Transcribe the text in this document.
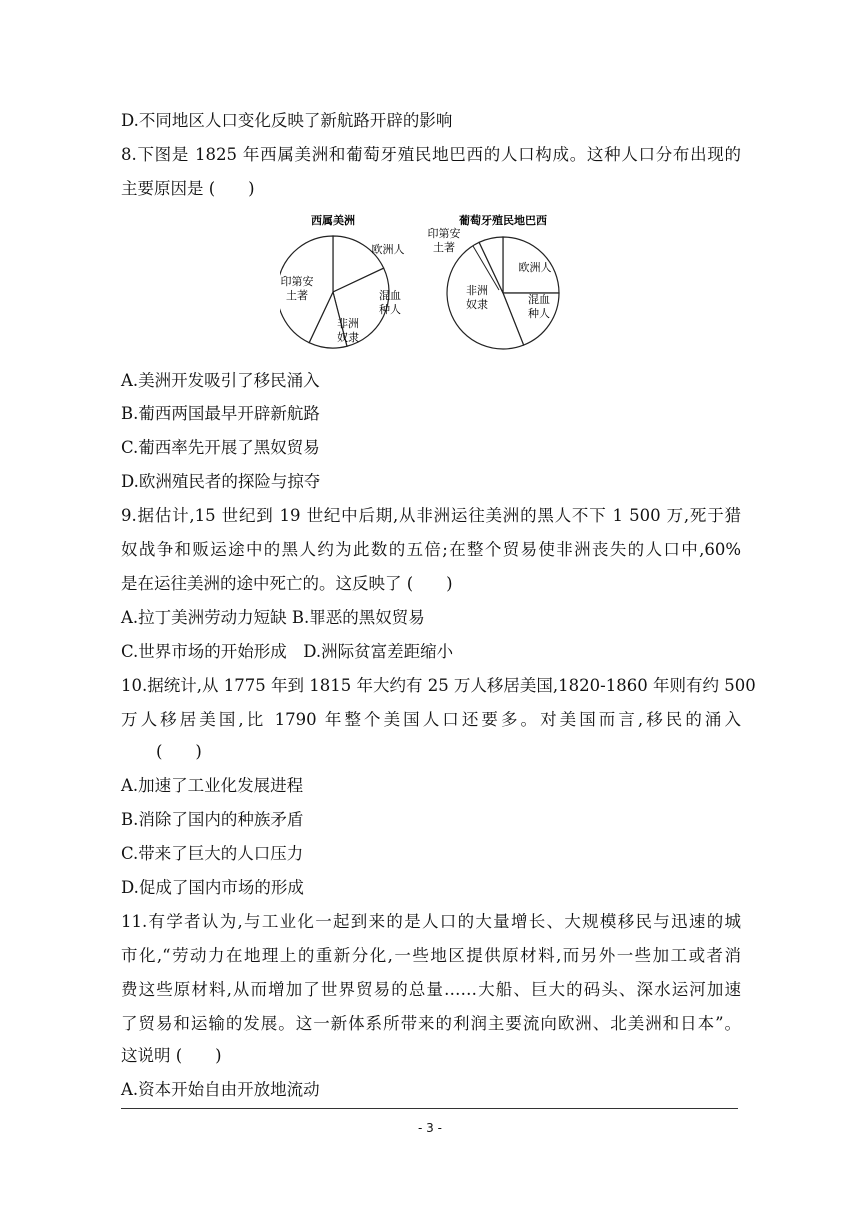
D.不同地区人口变化反映了新航路开辟的影响
8.下图是 1825 年西属美洲和葡萄牙殖民地巴西的人口构成。这种人口分布出现的
主要原因是 (　　)
西属美洲
欧洲人
混血种人
非洲奴隶
印第安土著
葡萄牙殖民地巴西
欧洲人
混血种人
非洲奴隶
印第安土著
A.美洲开发吸引了移民涌入
B.葡西两国最早开辟新航路
C.葡西率先开展了黑奴贸易
D.欧洲殖民者的探险与掠夺
9.据估计,15 世纪到 19 世纪中后期,从非洲运往美洲的黑人不下 1 500 万,死于猎
奴战争和贩运途中的黑人约为此数的五倍;在整个贸易使非洲丧失的人口中,60%
是在运往美洲的途中死亡的。这反映了 (　　)
A.拉丁美洲劳动力短缺 B.罪恶的黑奴贸易
C.世界市场的开始形成　D.洲际贫富差距缩小
10.据统计,从 1775 年到 1815 年大约有 25 万人移居美国,1820-1860 年则有约 500
万人移居美国,比 1790 年整个美国人口还要多。对美国而言,移民的涌入
(　　)
A.加速了工业化发展进程
B.消除了国内的种族矛盾
C.带来了巨大的人口压力
D.促成了国内市场的形成
11.有学者认为,与工业化一起到来的是人口的大量增长、大规模移民与迅速的城
市化,“劳动力在地理上的重新分化,一些地区提供原材料,而另外一些加工或者消
费这些原材料,从而增加了世界贸易的总量……大船、巨大的码头、深水运河加速
了贸易和运输的发展。这一新体系所带来的利润主要流向欧洲、北美洲和日本”。
这说明 (　　)
A.资本开始自由开放地流动
- 3 -
